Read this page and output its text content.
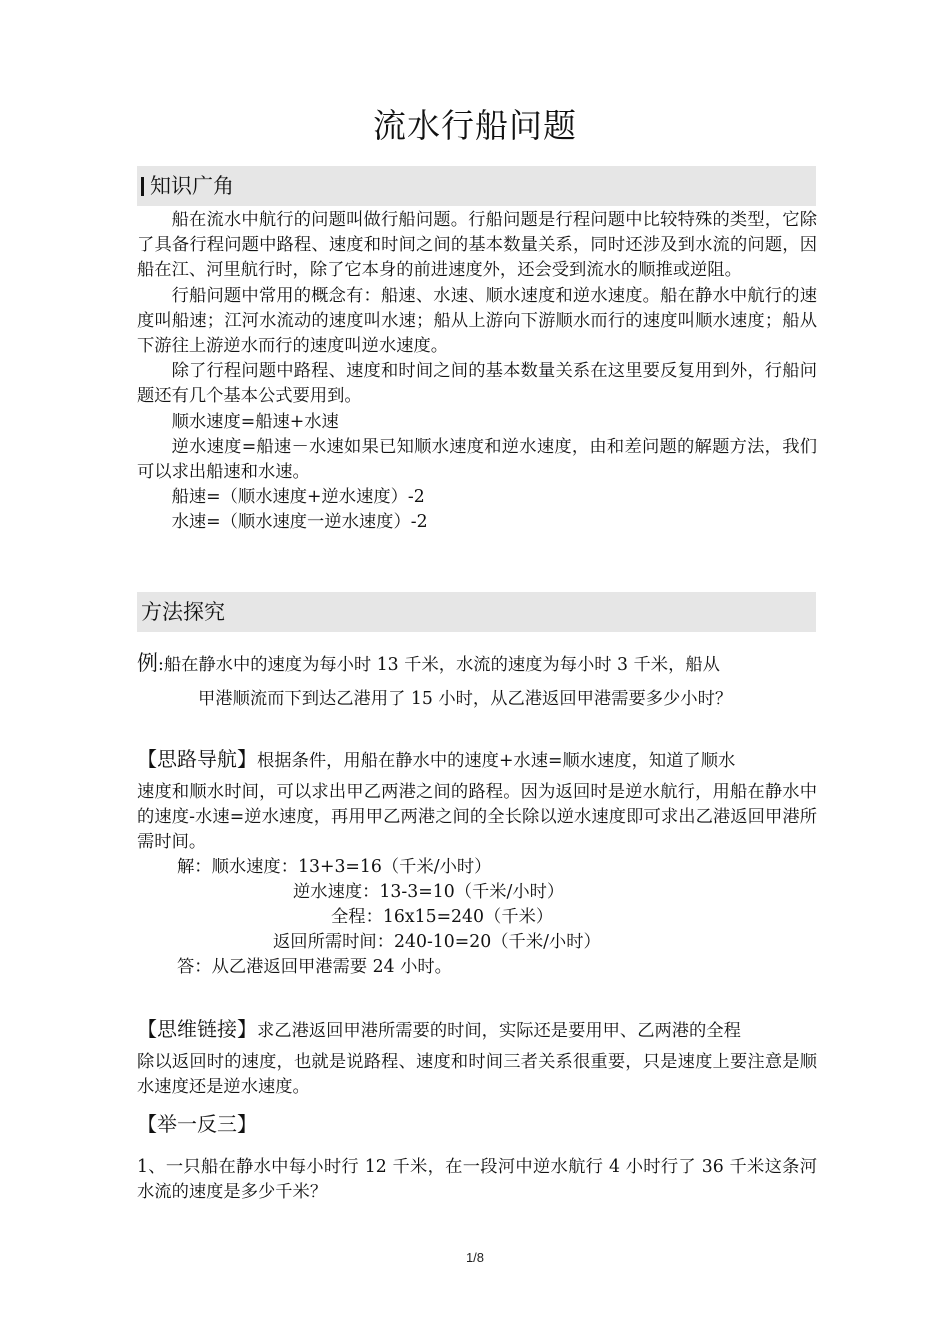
流水行船问题
知识广角

船在流水中航行的问题叫做行船问题。行船问题是行程问题中比较特殊的类型，它除了具备行程问题中路程、速度和时间之间的基本数量关系，同时还涉及到水流的问题，因船在江、河里航行时，除了它本身的前进速度外，还会受到流水的顺推或逆阻。

行船问题中常用的概念有：船速、水速、顺水速度和逆水速度。船在静水中航行的速度叫船速；江河水流动的速度叫水速；船从上游向下游顺水而行的速度叫顺水速度；船从下游往上游逆水而行的速度叫逆水速度。

除了行程问题中路程、速度和时间之间的基本数量关系在这里要反复用到外，行船问题还有几个基本公式要用到。

顺水速度=船速+水速

逆水速度=船速－水速如果已知顺水速度和逆水速度，由和差问题的解题方法，我们可以求出船速和水速。

船速=（顺水速度+逆水速度）-2

水速=（顺水速度一逆水速度）-2

方法探究
例:船在静水中的速度为每小时 13 千米，水流的速度为每小时 3 千米，船从
甲港顺流而下到达乙港用了 15 小时，从乙港返回甲港需要多少小时？

【思路导航】根据条件，用船在静水中的速度+水速=顺水速度，知道了顺水

速度和顺水时间，可以求出甲乙两港之间的路程。因为返回时是逆水航行，用船在静水中的速度-水速=逆水速度，再用甲乙两港之间的全长除以逆水速度即可求出乙港返回甲港所需时间。

解：顺水速度：13+3=16（千米/小时）
逆水速度：13-3=10（千米/小时）
全程：16x15=240（千米）
返回所需时间：240-10=20（千米/小时）
答：从乙港返回甲港需要 24 小时。

【思维链接】求乙港返回甲港所需要的时间，实际还是要用甲、乙两港的全程

除以返回时的速度，也就是说路程、速度和时间三者关系很重要，只是速度上要注意是顺水速度还是逆水速度。

【举一反三】

1、一只船在静水中每小时行 12 千米，在一段河中逆水航行 4 小时行了 36 千米这条河水流的速度是多少千米？

1/8
